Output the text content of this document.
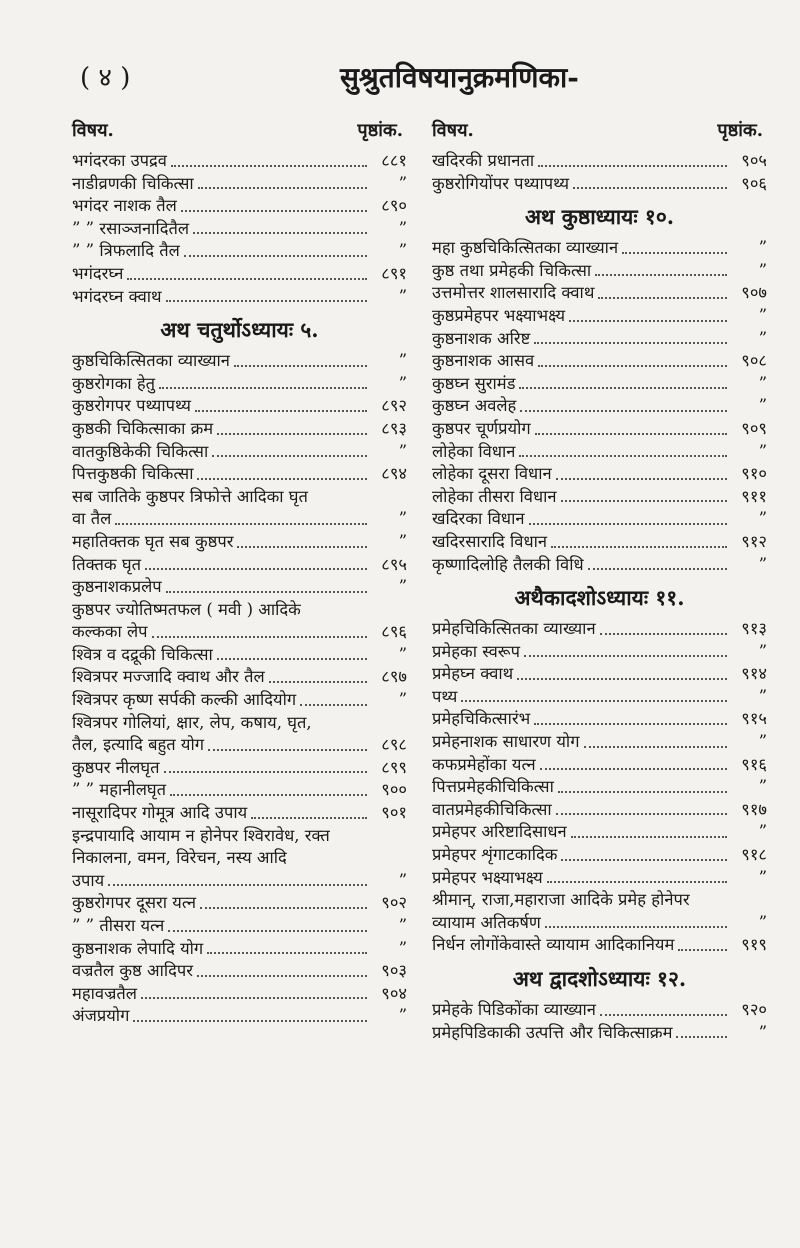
( ४ )	सुश्रुतविषयानुक्रमणिका-
विषय.	पृष्ठांक.
भगंदरका उपद्रव	८८१
नाडीव्रणकी चिकित्सा	”
भगंदर नाशक तैल	८९०
” ” रसाञ्जनादितैल	”
” ” त्रिफलादि तैल	”
भगंदरघ्न	८९१
भगंदरघ्न क्वाथ	”
अथ चतुर्थोऽध्यायः ५.
कुष्ठचिकित्सितका व्याख्यान	”
कुष्ठरोगका हेतु	”
कुष्ठरोगपर पथ्यापथ्य	८९२
कुष्ठकी चिकित्साका क्रम	८९३
वातकुष्ठिकेकी चिकित्सा	”
पित्तकुष्ठकी चिकित्सा	८९४
सब जातिके कुष्ठपर त्रिफोत्ते आदिका घृत
वा तैल	”
महातिक्तक घृत सब कुष्ठपर	”
तिक्तक घृत	८९५
कुष्ठनाशकप्रलेप	”
कुष्ठपर ज्योतिष्मतफल ( मवी ) आदिके
कल्कका लेप	८९६
श्वित्र व दद्रूकी चिकित्सा	”
श्वित्रपर मज्जादि क्वाथ और तैल	८९७
श्वित्रपर कृष्ण सर्पकी कल्की आदियोग	”
श्वित्रपर गोलियां, क्षार, लेप, कषाय, घृत,
तैल, इत्यादि बहुत योग	८९८
कुष्ठपर नीलघृत	८९९
” ” महानीलघृत	९००
नासूरादिपर गोमूत्र आदि उपाय	९०१
इन्द्रपायादि आयाम न होनेपर श्विरावेध, रक्त
निकालना, वमन, विरेचन, नस्य आदि
उपाय	”
कुष्ठरोगपर दूसरा यत्न	९०२
” ” तीसरा यत्न	”
कुष्ठनाशक लेपादि योग	”
वज्रतैल कुष्ठ आदिपर	९०३
महावज्रतैल	९०४
अंजप्रयोग	”
विषय.	पृष्ठांक.
खदिरकी प्रधानता	९०५
कुष्ठरोगियोंपर पथ्यापथ्य	९०६
अथ कुष्ठाध्यायः १०.
महा कुष्ठचिकित्सितका व्याख्यान	”
कुष्ठ तथा प्रमेहकी चिकित्सा	”
उत्तमोत्तर शालसारादि क्वाथ	९०७
कुष्ठप्रमेहपर भक्ष्याभक्ष्य	”
कुष्ठनाशक अरिष्ट	”
कुष्ठनाशक आसव	९०८
कुष्ठघ्न सुरामंड	”
कुष्ठघ्न अवलेह	”
कुष्ठपर चूर्णप्रयोग	९०९
लोहेका विधान	”
लोहेका दूसरा विधान	९१०
लोहेका तीसरा विधान	९११
खदिरका विधान	”
खदिरसारादि विधान	९१२
कृष्णादिलोहि तैलकी विधि	”
अथैकादशोऽध्यायः ११.
प्रमेहचिकित्सितका व्याख्यान	९१३
प्रमेहका स्वरूप	”
प्रमेहघ्न क्वाथ	९१४
पथ्य	”
प्रमेहचिकित्सारंभ	९१५
प्रमेहनाशक साधारण योग	”
कफप्रमेहोंका यत्न	९१६
पित्तप्रमेहकीचिकित्सा	”
वातप्रमेहकीचिकित्सा	९१७
प्रमेहपर अरिष्टादिसाधन	”
प्रमेहपर शृंगाटकादिक	९१८
प्रमेहपर भक्ष्याभक्ष्य	”
श्रीमान्, राजा,महाराजा आदिके प्रमेह होनेपर
व्यायाम अतिकर्षण	”
निर्धन लोगोंकेवास्ते व्यायाम आदिकानियम	९१९
अथ द्वादशोऽध्यायः १२.
प्रमेहके पिडिकोंका व्याख्यान	९२०
प्रमेहपिडिकाकी उत्पत्ति और चिकित्साक्रम	”
